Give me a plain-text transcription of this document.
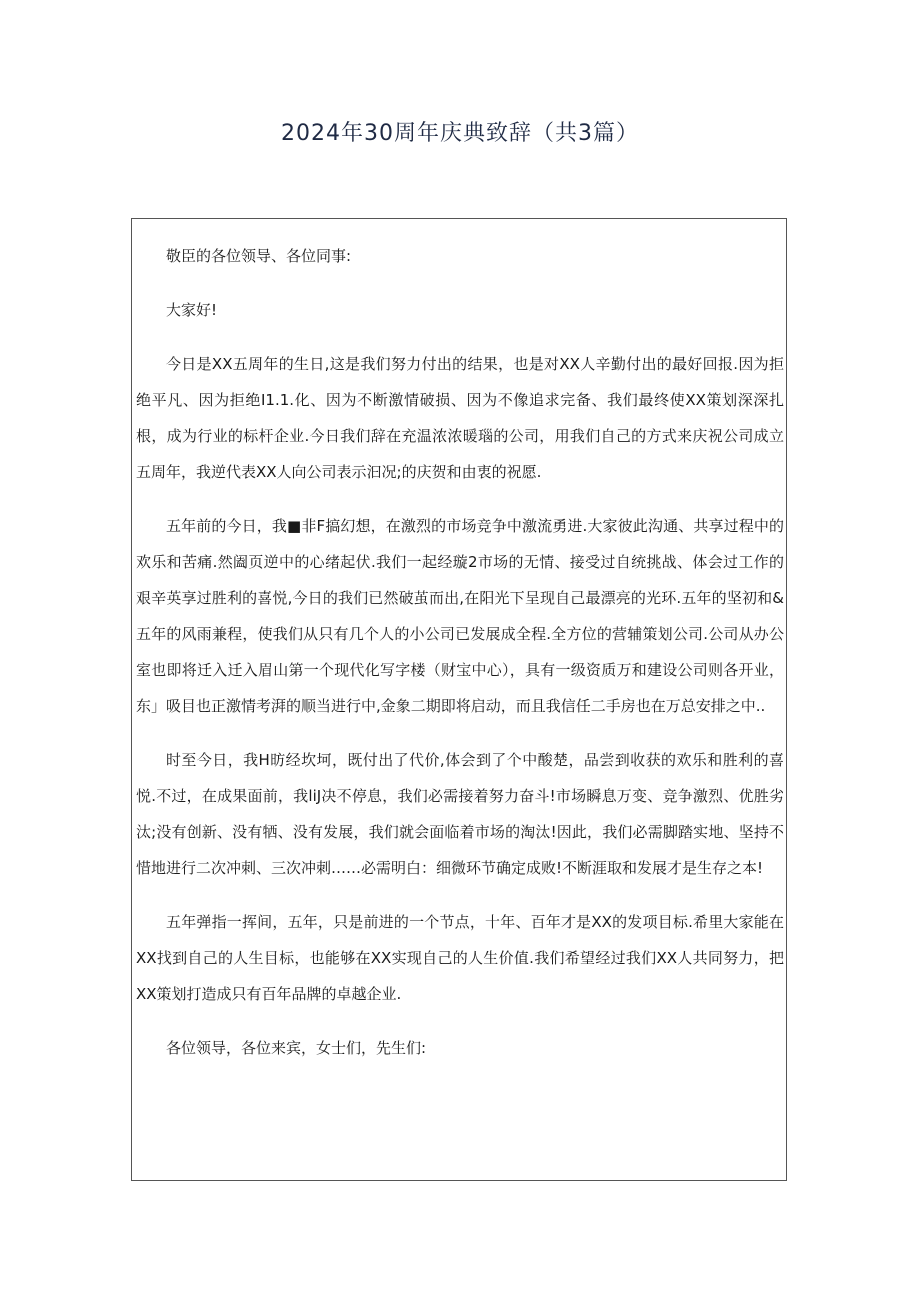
2024年30周年庆典致辞（共3篇）

敬臣的各位领导、各位同事:

大家好!

今日是XX五周年的生日,这是我们努力付出的结果，也是对XX人辛勤付出的最好回报.因为拒绝平凡、因为拒绝I1.1.化、因为不断激情破损、因为不像追求完备、我们最终使XX策划深深扎根，成为行业的标杆企业.今日我们辞在充温浓浓暖瑙的公司，用我们自己的方式来庆祝公司成立五周年，我逆代表XX人向公司表示汩况;的庆贺和由衷的祝愿.

五年前的今日，我■非F搞幻想，在激烈的市场竞争中激流勇进.大家彼此沟通、共享过程中的欢乐和苦痛.然阖页逆中的心绪起伏.我们一起经璇2市场的无情、接受过自统挑战、体会过工作的艰辛英享过胜利的喜悦,今日的我们已然破茧而出,在阳光下呈现自己最漂亮的光环.五年的坚初和&五年的风雨兼程，使我们从只有几个人的小公司已发展成全程.全方位的营辅策划公司.公司从办公室也即将迁入迁入眉山第一个现代化写字楼（财宝中心），具有一级资质万和建设公司则各开业，东」吸目也正激情考湃的顺当进行中,金象二期即将启动，而且我信任二手房也在万总安排之中..

时至今日，我H昉经坎坷，既付出了代价,体会到了个中酸楚，品尝到收获的欢乐和胜利的喜悦.不过，在成果面前，我liJ决不停息，我们必需接着努力奋斗!市场瞬息万变、竞争激烈、优胜劣汰;没有创新、没有牺、没有发展，我们就会面临着市场的淘汰!因此，我们必需脚踏实地、坚持不惜地进行二次冲刺、三次冲刺……必需明白：细微环节确定成败!不断涯取和发展才是生存之本!

五年弹指一挥间，五年，只是前进的一个节点，十年、百年才是XX的发项目标.希里大家能在XX找到自己的人生目标，也能够在XX实现自己的人生价值.我们希望经过我们XX人共同努力，把XX策划打造成只有百年品牌的卓越企业.

各位领导，各位来宾，女士们，先生们:
